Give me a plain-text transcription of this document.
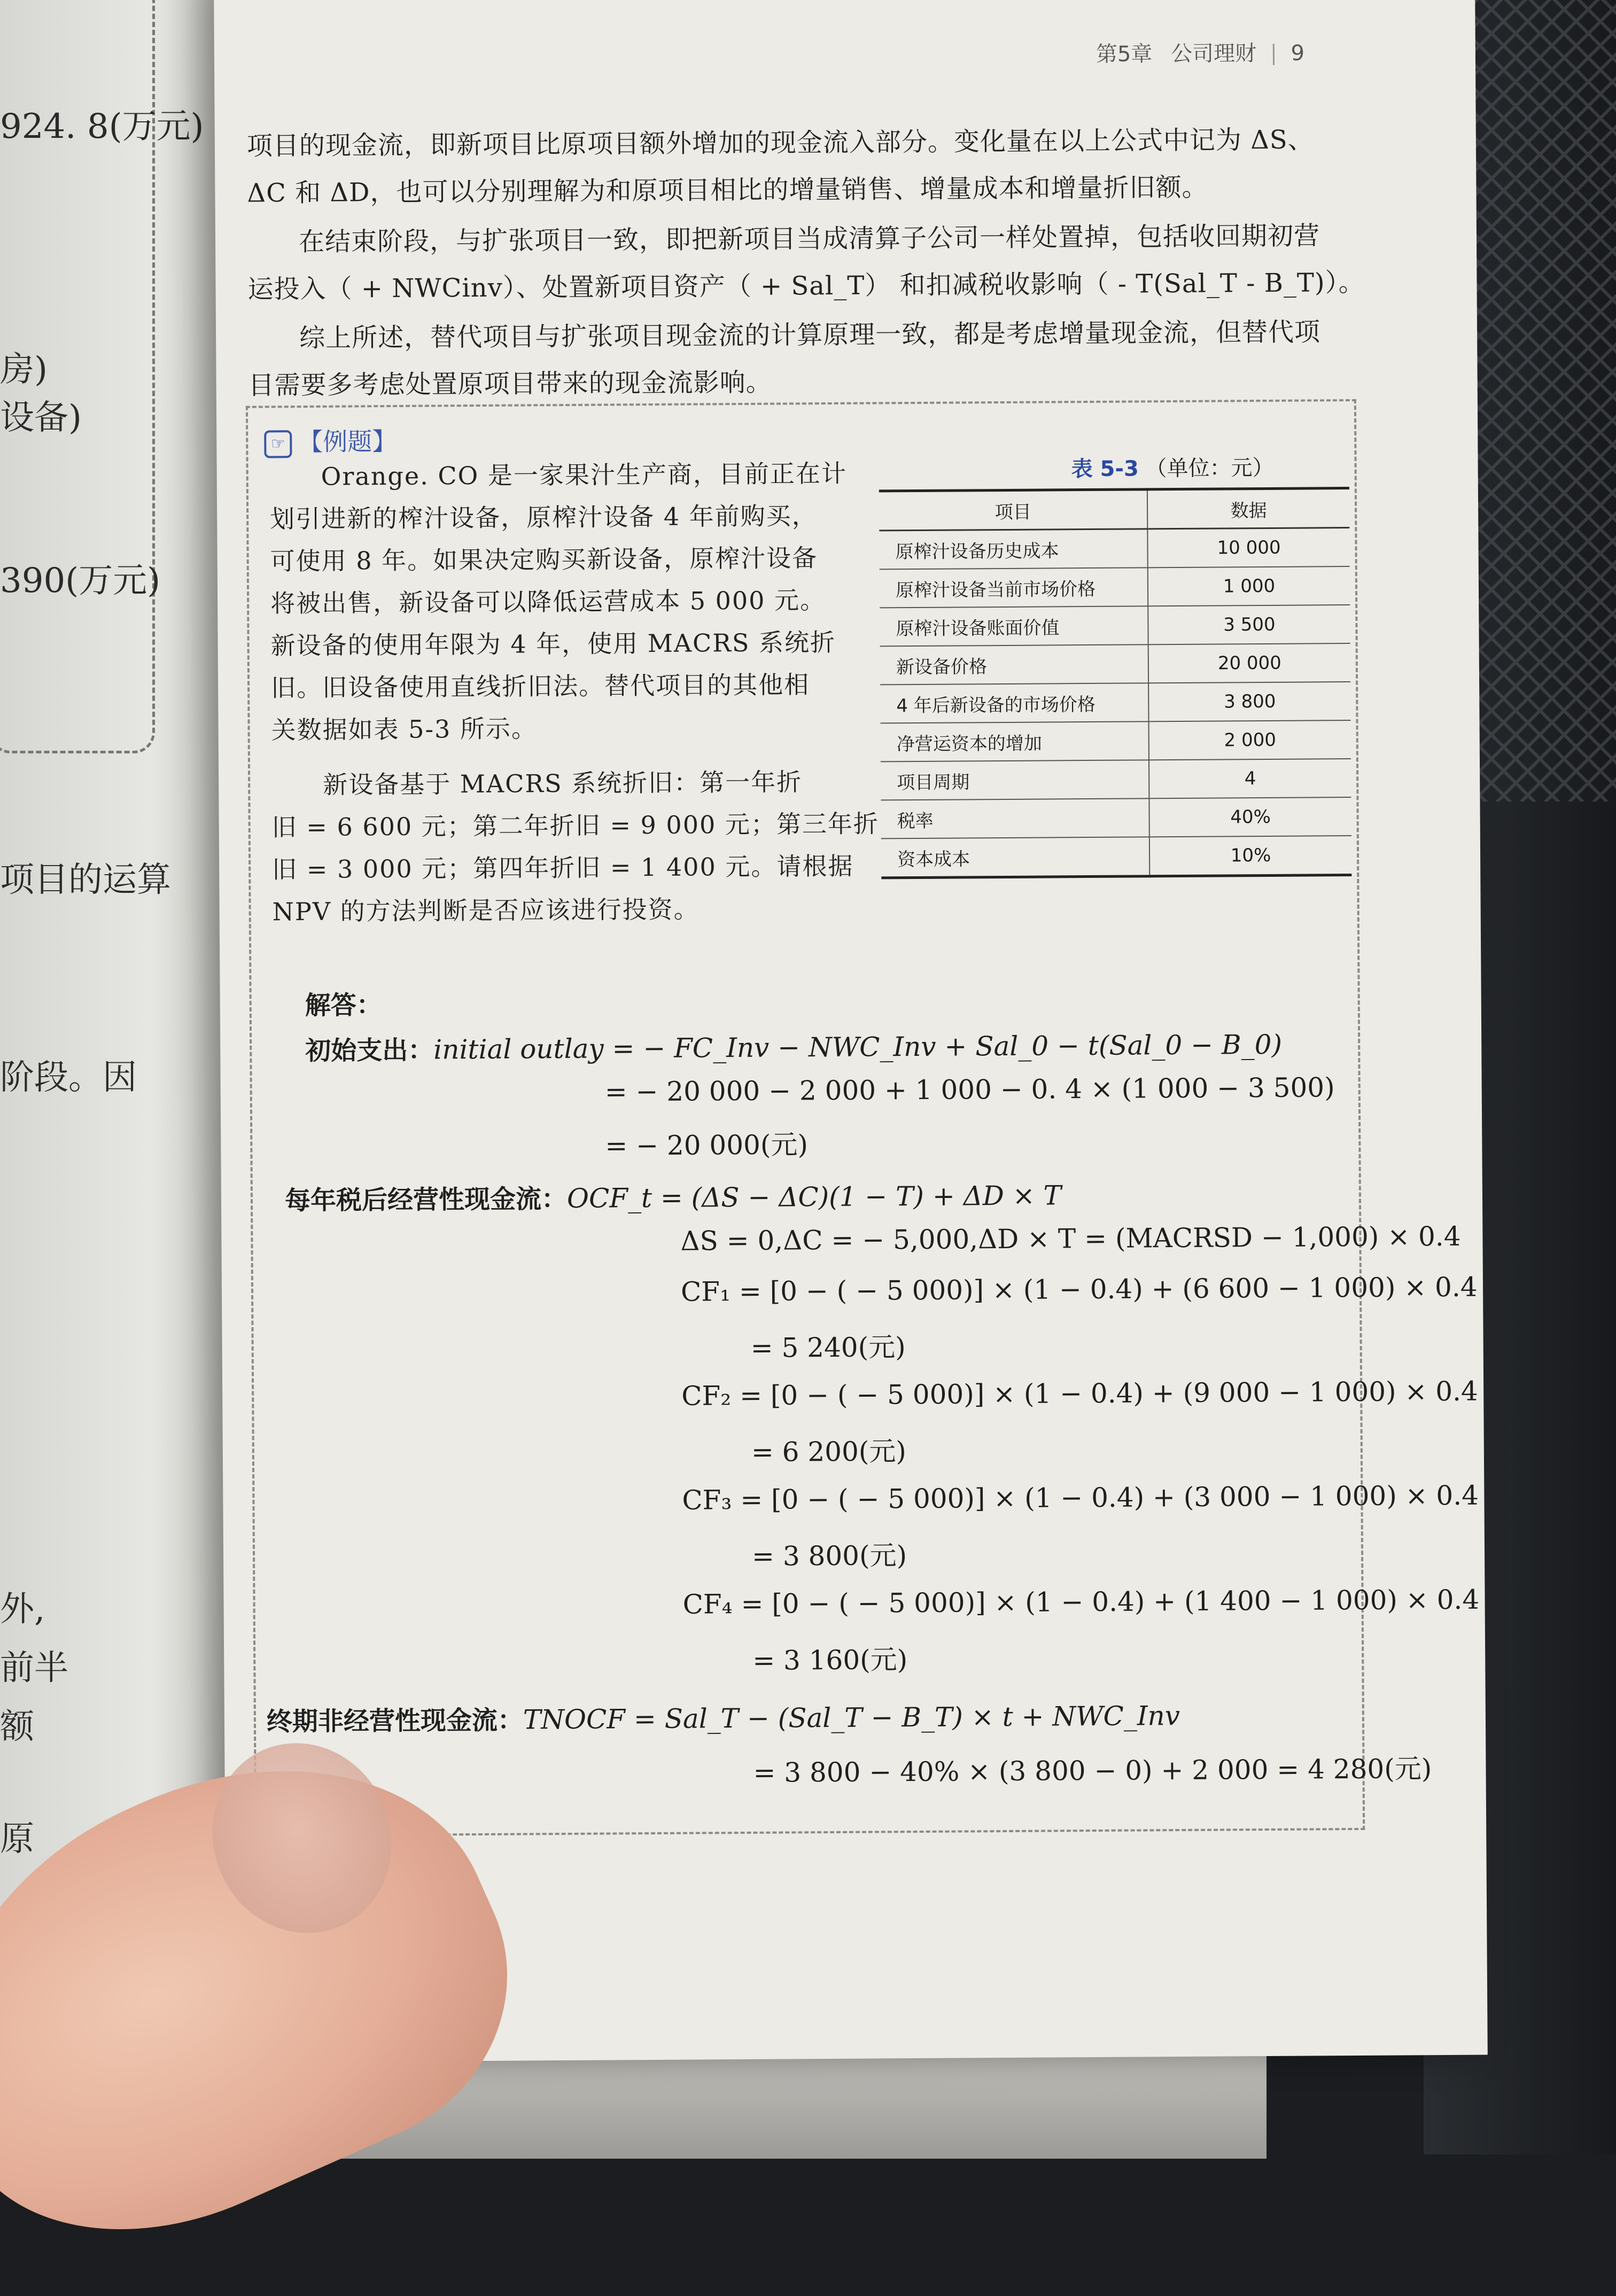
924. 8(万元)
房)
设备)
390(万元)
项目的运算
阶段。因
外,
前半
额
原
第5章 公司理财 9
项目的现金流，即新项目比原项目额外增加的现金流入部分。变化量在以上公式中记为 ΔS、
ΔC 和 ΔD，也可以分别理解为和原项目相比的增量销售、增量成本和增量折旧额。
在结束阶段，与扩张项目一致，即把新项目当成清算子公司一样处置掉，包括收回期初营
运投入（ + NWCinv）、处置新项目资产（ + Sal_T） 和扣减税收影响（ - T(Sal_T - B_T)）。
综上所述，替代项目与扩张项目现金流的计算原理一致，都是考虑增量现金流，但替代项
目需要多考虑处置原项目带来的现金流影响。
☞ 【例题】
Orange. CO 是一家果汁生产商，目前正在计
划引进新的榨汁设备，原榨汁设备 4 年前购买，
可使用 8 年。如果决定购买新设备，原榨汁设备
将被出售，新设备可以降低运营成本 5 000 元。
新设备的使用年限为 4 年，使用 MACRS 系统折
旧。旧设备使用直线折旧法。替代项目的其他相
关数据如表 5-3 所示。
新设备基于 MACRS 系统折旧：第一年折
旧 = 6 600 元；第二年折旧 = 9 000 元；第三年折
旧 = 3 000 元；第四年折旧 = 1 400 元。请根据
NPV 的方法判断是否应该进行投资。
表 5-3 （单位：元）
项目	数据
原榨汁设备历史成本	10 000
原榨汁设备当前市场价格	1 000
原榨汁设备账面价值	3 500
新设备价格	20 000
4 年后新设备的市场价格	3 800
净营运资本的增加	2 000
项目周期	4
税率	40%
资本成本	10%
解答：
初始支出：initial outlay = − FC_Inv − NWC_Inv + Sal_0 − t(Sal_0 − B_0)
= − 20 000 − 2 000 + 1 000 − 0. 4 × (1 000 − 3 500)
= − 20 000(元)
每年税后经营性现金流：OCF_t = (ΔS − ΔC)(1 − T) + ΔD × T
ΔS = 0,ΔC = − 5,000,ΔD × T = (MACRSD − 1,000) × 0.4
CF₁ = [0 − ( − 5 000)] × (1 − 0.4) + (6 600 − 1 000) × 0.4
= 5 240(元)
CF₂ = [0 − ( − 5 000)] × (1 − 0.4) + (9 000 − 1 000) × 0.4
= 6 200(元)
CF₃ = [0 − ( − 5 000)] × (1 − 0.4) + (3 000 − 1 000) × 0.4
= 3 800(元)
CF₄ = [0 − ( − 5 000)] × (1 − 0.4) + (1 400 − 1 000) × 0.4
= 3 160(元)
终期非经营性现金流：TNOCF = Sal_T − (Sal_T − B_T) × t + NWC_Inv
= 3 800 − 40% × (3 800 − 0) + 2 000 = 4 280(元)
